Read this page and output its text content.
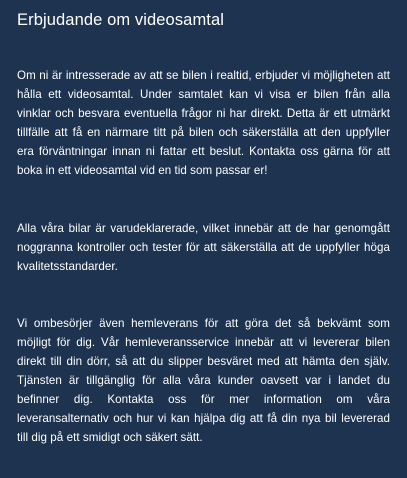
Erbjudande om videosamtal

Om ni är intresserade av att se bilen i realtid, erbjuder vi möjligheten att hålla ett videosamtal. Under samtalet kan vi visa er bilen från alla vinklar och besvara eventuella frågor ni har direkt. Detta är ett utmärkt tillfälle att få en närmare titt på bilen och säkerställa att den uppfyller era förväntningar innan ni fattar ett beslut. Kontakta oss gärna för att boka in ett videosamtal vid en tid som passar er!

Alla våra bilar är varudeklarerade, vilket innebär att de har genomgått noggranna kontroller och tester för att säkerställa att de uppfyller höga kvalitetsstandarder.

Vi ombesörjer även hemleverans för att göra det så bekvämt som möjligt för dig. Vår hemleveransservice innebär att vi levererar bilen direkt till din dörr, så att du slipper besväret med att hämta den själv. Tjänsten är tillgänglig för alla våra kunder oavsett var i landet du befinner dig. Kontakta oss för mer information om våra leveransalternativ och hur vi kan hjälpa dig att få din nya bil levererad till dig på ett smidigt och säkert sätt.
